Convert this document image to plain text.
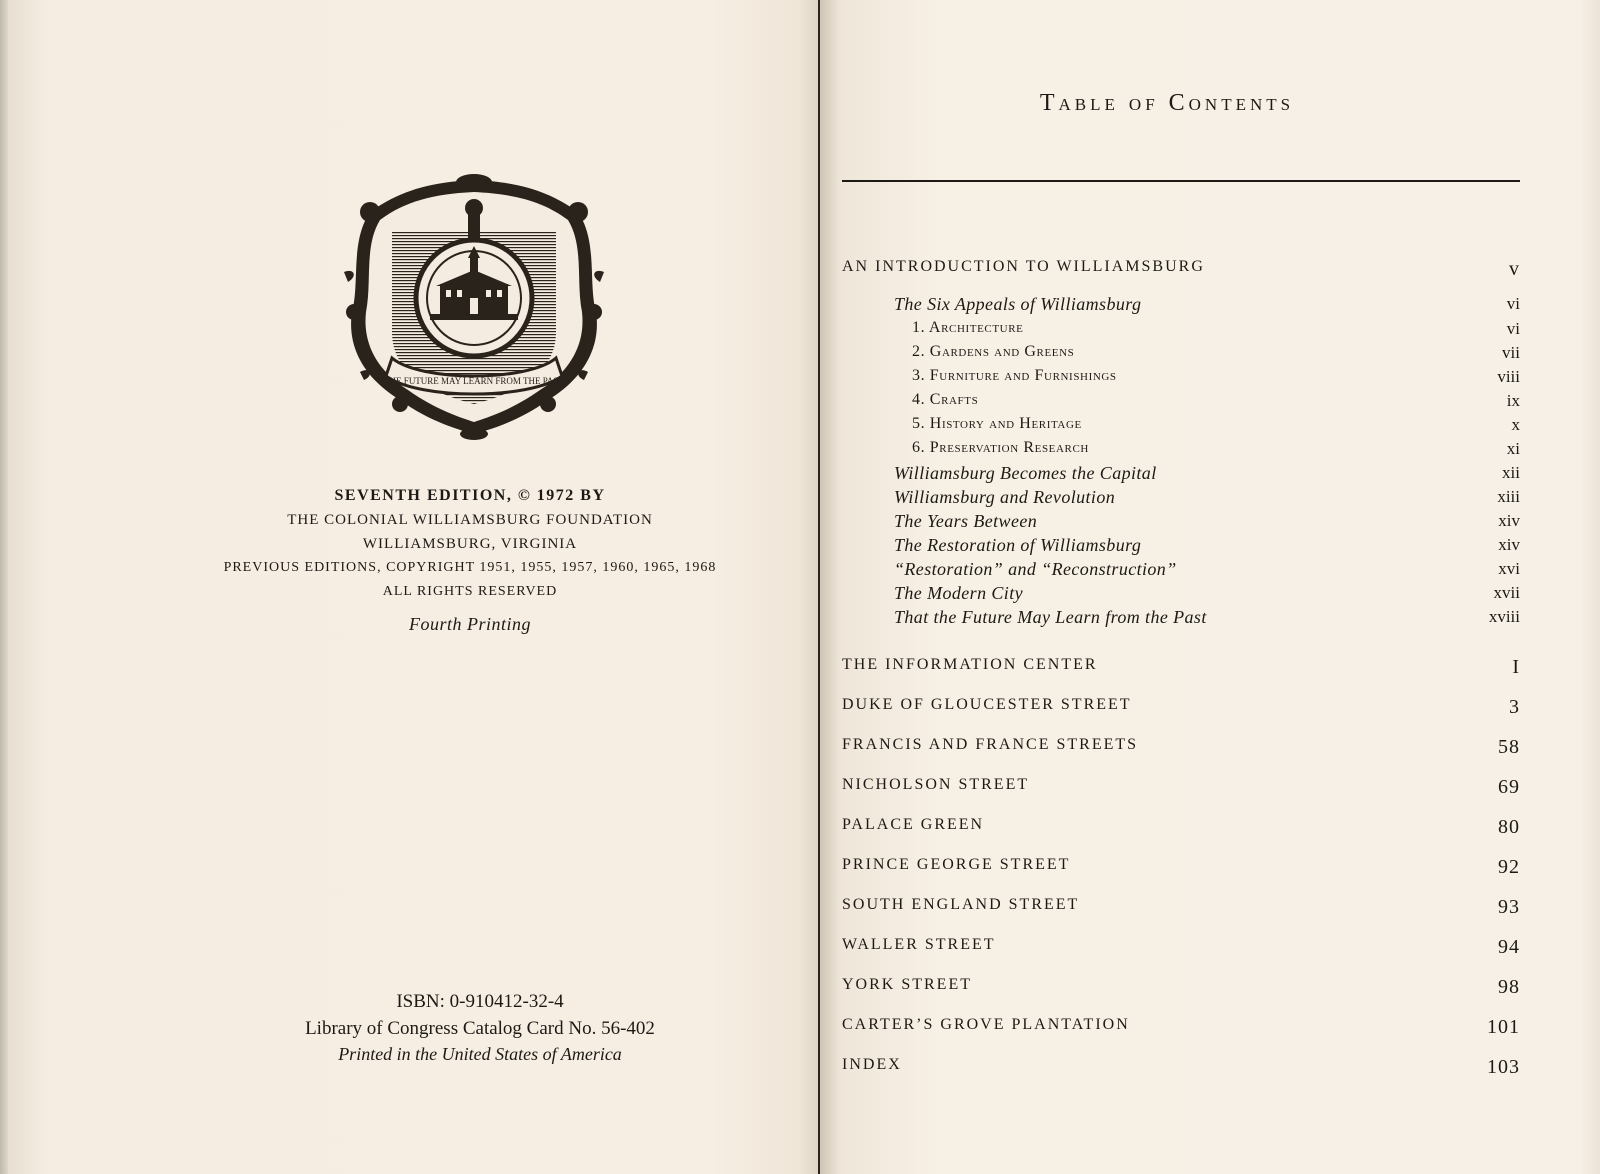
THE FUTURE MAY LEARN FROM THE PAST
SEVENTH EDITION, © 1972 BY
THE COLONIAL WILLIAMSBURG FOUNDATION
WILLIAMSBURG, VIRGINIA
PREVIOUS EDITIONS, COPYRIGHT 1951, 1955, 1957, 1960, 1965, 1968
ALL RIGHTS RESERVED
Fourth Printing
ISBN: 0-910412-32-4
Library of Congress Catalog Card No. 56-402
Printed in the United States of America
Table of Contents
AN INTRODUCTION TO WILLIAMSBURG	v
The Six Appeals of Williamsburg	vi
1. Architecture	vi
2. Gardens and Greens	vii
3. Furniture and Furnishings	viii
4. Crafts	ix
5. History and Heritage	x
6. Preservation Research	xi
Williamsburg Becomes the Capital	xii
Williamsburg and Revolution	xiii
The Years Between	xiv
The Restoration of Williamsburg	xiv
“Restoration” and “Reconstruction”	xvi
The Modern City	xvii
That the Future May Learn from the Past	xviii
THE INFORMATION CENTER	I
DUKE OF GLOUCESTER STREET	3
FRANCIS AND FRANCE STREETS	58
NICHOLSON STREET	69
PALACE GREEN	80
PRINCE GEORGE STREET	92
SOUTH ENGLAND STREET	93
WALLER STREET	94
YORK STREET	98
CARTER’S GROVE PLANTATION	101
INDEX	103
